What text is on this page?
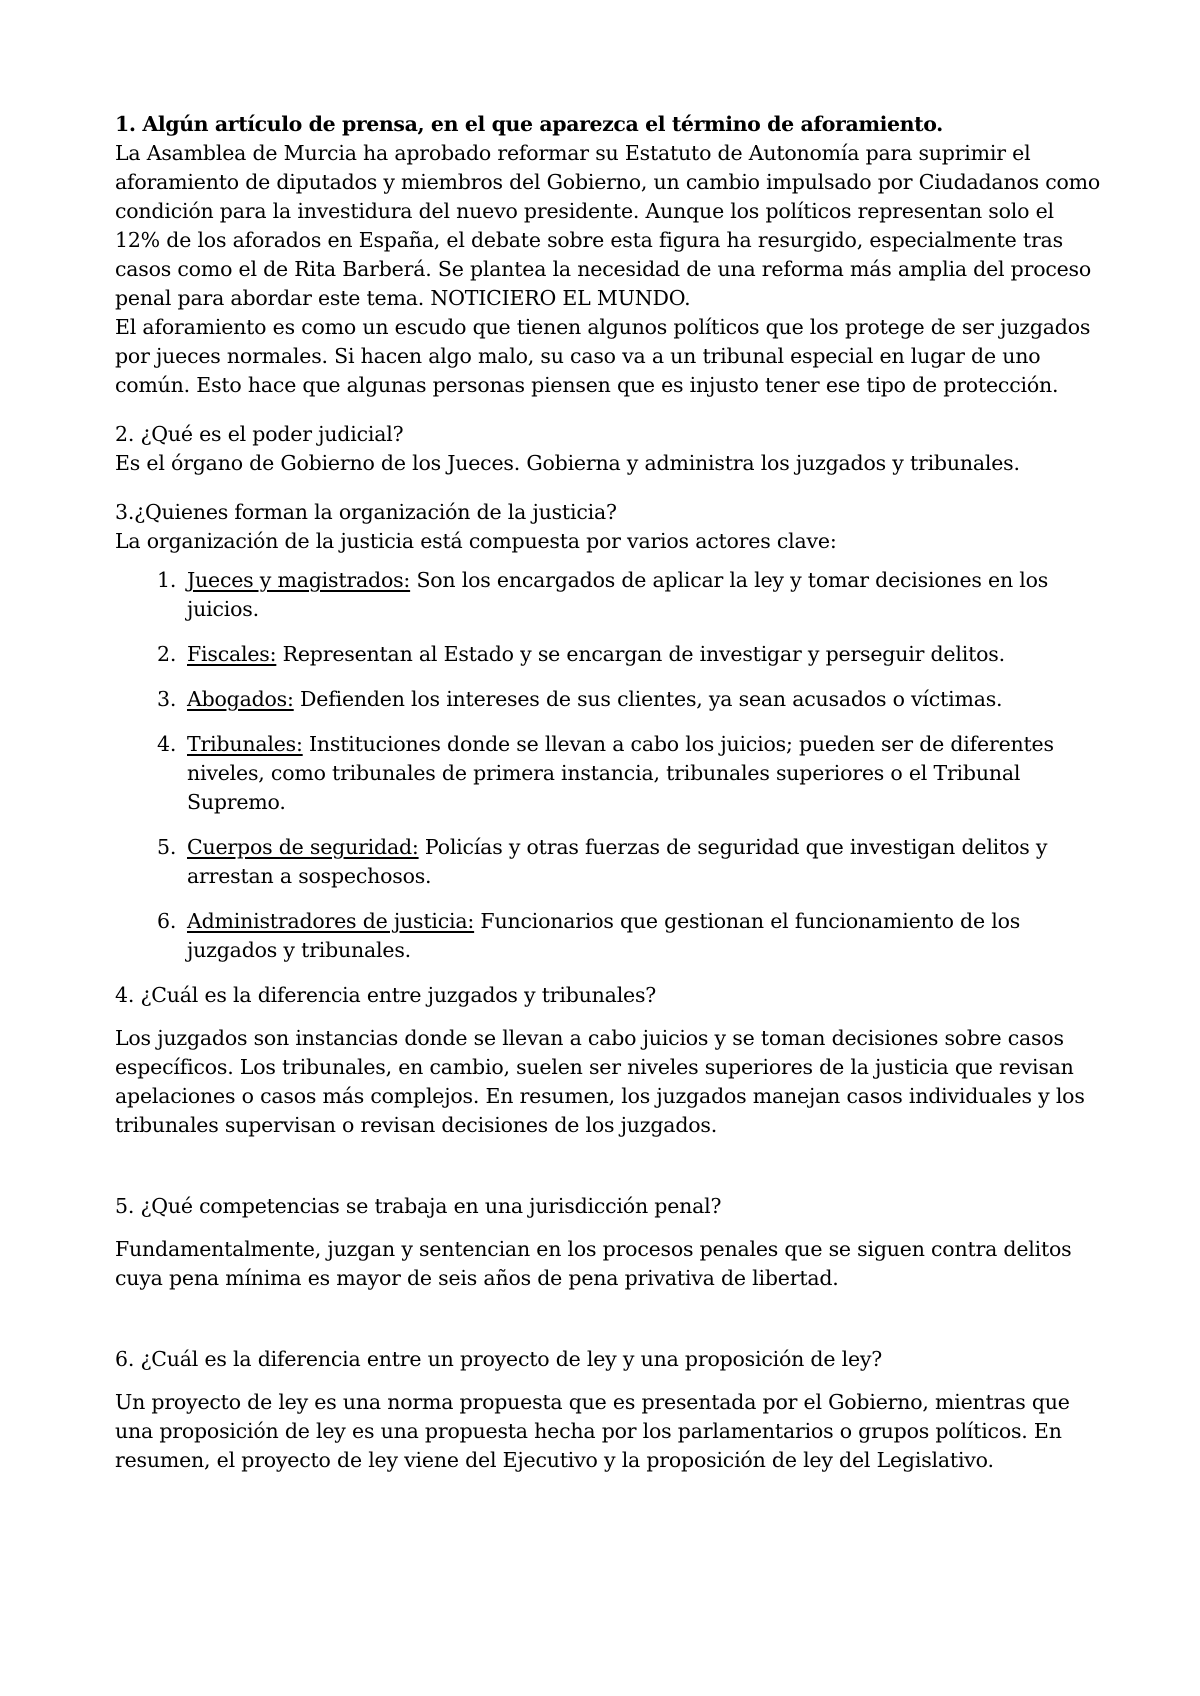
1. Algún artículo de prensa, en el que aparezca el término de aforamiento.

La Asamblea de Murcia ha aprobado reformar su Estatuto de Autonomía para suprimir el aforamiento de diputados y miembros del Gobierno, un cambio impulsado por Ciudadanos como condición para la investidura del nuevo presidente. Aunque los políticos representan solo el 12% de los aforados en España, el debate sobre esta figura ha resurgido, especialmente tras casos como el de Rita Barberá. Se plantea la necesidad de una reforma más amplia del proceso penal para abordar este tema. NOTICIERO EL MUNDO.

El aforamiento es como un escudo que tienen algunos políticos que los protege de ser juzgados por jueces normales. Si hacen algo malo, su caso va a un tribunal especial en lugar de uno común. Esto hace que algunas personas piensen que es injusto tener ese tipo de protección.

2. ¿Qué es el poder judicial?

Es el órgano de Gobierno de los Jueces. Gobierna y administra los juzgados y tribunales.

3.¿Quienes forman la organización de la justicia?

La organización de la justicia está compuesta por varios actores clave:

1. Jueces y magistrados: Son los encargados de aplicar la ley y tomar decisiones en los juicios.
2. Fiscales: Representan al Estado y se encargan de investigar y perseguir delitos.
3. Abogados: Defienden los intereses de sus clientes, ya sean acusados o víctimas.
4. Tribunales: Instituciones donde se llevan a cabo los juicios; pueden ser de diferentes niveles, como tribunales de primera instancia, tribunales superiores o el Tribunal Supremo.
5. Cuerpos de seguridad: Policías y otras fuerzas de seguridad que investigan delitos y arrestan a sospechosos.
6. Administradores de justicia: Funcionarios que gestionan el funcionamiento de los juzgados y tribunales.

4. ¿Cuál es la diferencia entre juzgados y tribunales?

Los juzgados son instancias donde se llevan a cabo juicios y se toman decisiones sobre casos específicos. Los tribunales, en cambio, suelen ser niveles superiores de la justicia que revisan apelaciones o casos más complejos. En resumen, los juzgados manejan casos individuales y los tribunales supervisan o revisan decisiones de los juzgados.

5. ¿Qué competencias se trabaja en una jurisdicción penal?

Fundamentalmente, juzgan y sentencian en los procesos penales que se siguen contra delitos cuya pena mínima es mayor de seis años de pena privativa de libertad.

6. ¿Cuál es la diferencia entre un proyecto de ley y una proposición de ley?

Un proyecto de ley es una norma propuesta que es presentada por el Gobierno, mientras que una proposición de ley es una propuesta hecha por los parlamentarios o grupos políticos. En resumen, el proyecto de ley viene del Ejecutivo y la proposición de ley del Legislativo.
